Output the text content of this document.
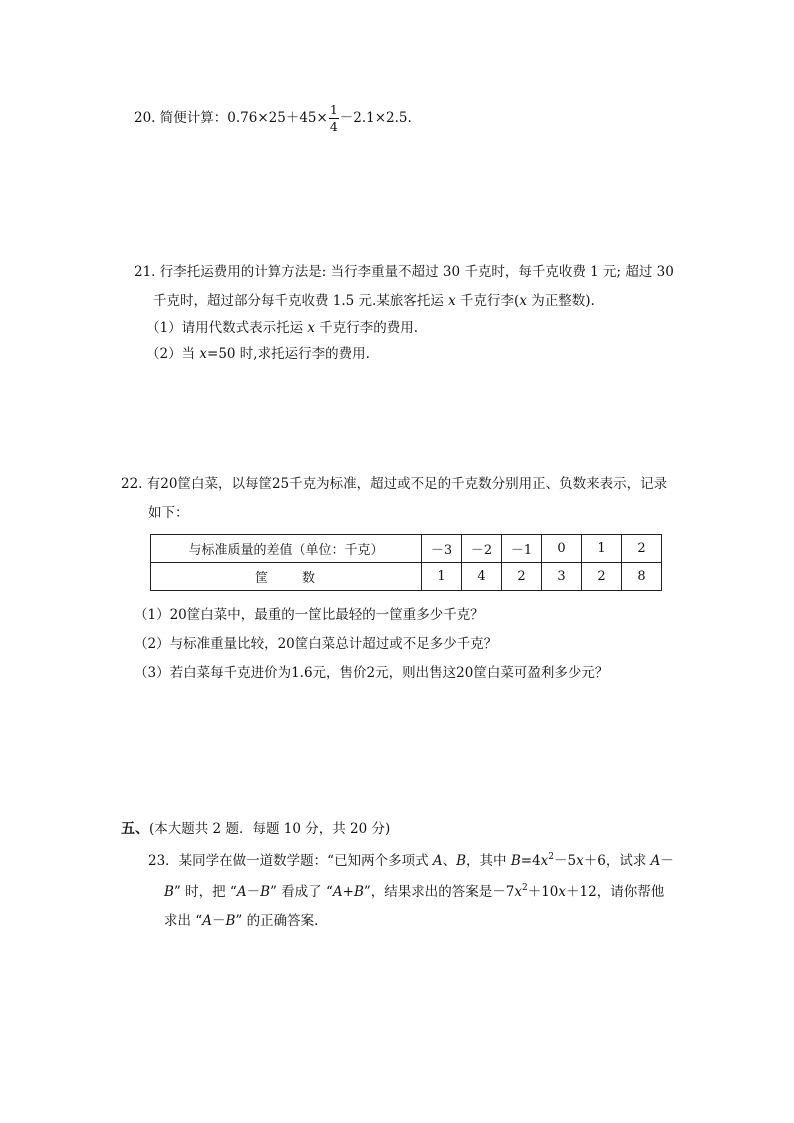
20. 简便计算：$0.76\times 25+45\times \frac{1}{4} -2.1\times 2.5$.
21. 行李托运费用的计算方法是: 当行李重量不超过 30 千克时，每千克收费 1 元; 超过 30
千克时，超过部分每千克收费 1.5 元.某旅客托运 x 千克行李(x 为正整数).
（1）请用代数式表示托运 x 千克行李的费用.
（2）当 x=50 时,求托运行李的费用.
22. 有20筐白菜，以每筐25千克为标准，超过或不足的千克数分别用正、负数来表示，记录
如下：
与标准质量的差值（单位：千克）	－3	－2	－1	0	1	2
筐数	1	4	2	3	2	8
（1）20筐白菜中，最重的一筐比最轻的一筐重多少千克？
（2）与标准重量比较，20筐白菜总计超过或不足多少千克？
（3）若白菜每千克进价为1.6元，售价2元，则出售这20筐白菜可盈利多少元？
五、(本大题共 2 题．每题 10 分，共 20 分)
23．某同学在做一道数学题：“已知两个多项式 A、B，其中 $B=4x^2-5x+6$，试求 A－
B” 时，把 “A－B” 看成了 “A+B”，结果求出的答案是$-7x^2+10x+12$，请你帮他
求出 “A－B” 的正确答案.
